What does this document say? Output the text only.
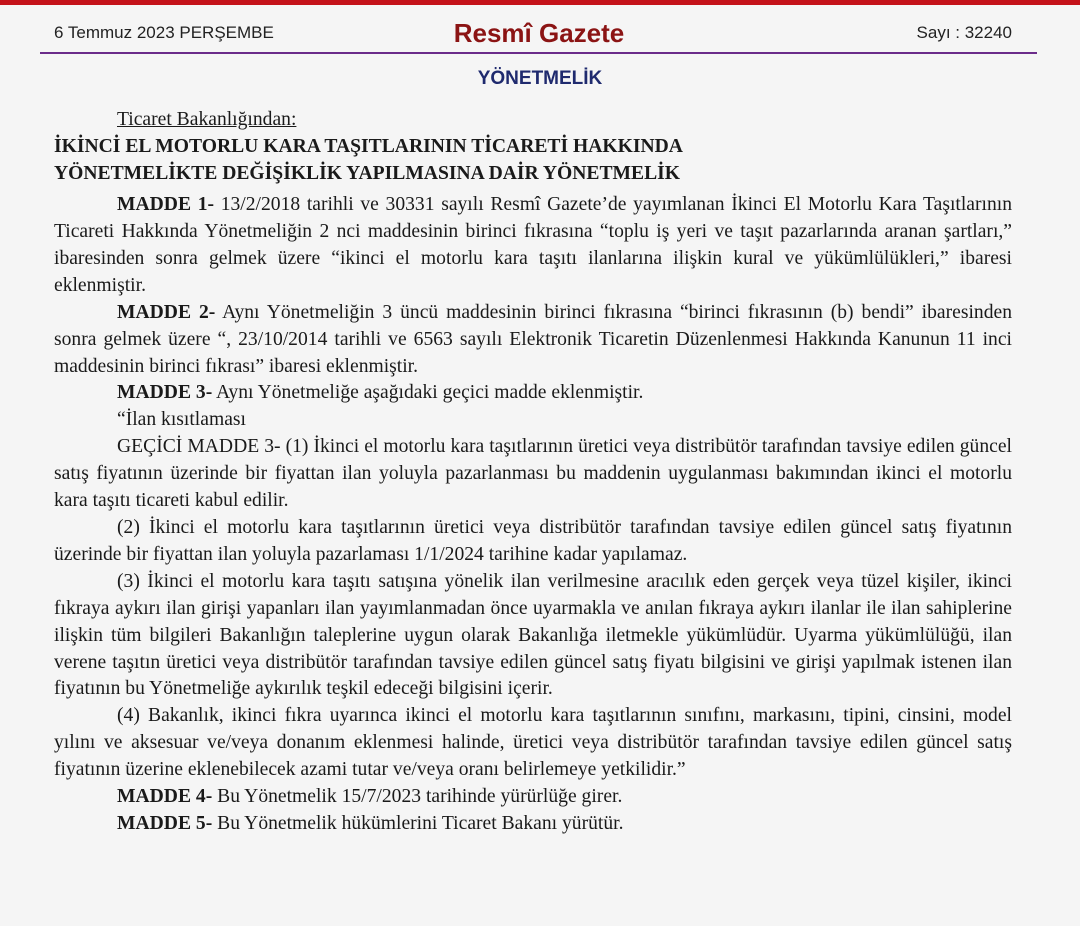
6 Temmuz 2023 PERŞEMBE	Resmî Gazete	Sayı : 32240
YÖNETMELİK

Ticaret Bakanlığından:

İKİNCİ EL MOTORLU KARA TAŞITLARININ TİCARETİ HAKKINDA

YÖNETMELİKTE DEĞİŞİKLİK YAPILMASINA DAİR YÖNETMELİK

MADDE 1- 13/2/2018 tarihli ve 30331 sayılı Resmî Gazete’de yayımlanan İkinci El Motorlu Kara Taşıtlarının Ticareti Hakkında Yönetmeliğin 2 nci maddesinin birinci fıkrasına “toplu iş yeri ve taşıt pazarlarında aranan şartları,” ibaresinden sonra gelmek üzere “ikinci el motorlu kara taşıtı ilanlarına ilişkin kural ve yükümlülükleri,” ibaresi eklenmiştir.

MADDE 2- Aynı Yönetmeliğin 3 üncü maddesinin birinci fıkrasına “birinci fıkrasının (b) bendi” ibaresinden sonra gelmek üzere “, 23/10/2014 tarihli ve 6563 sayılı Elektronik Ticaretin Düzenlenmesi Hakkında Kanunun 11 inci maddesinin birinci fıkrası” ibaresi eklenmiştir.

MADDE 3- Aynı Yönetmeliğe aşağıdaki geçici madde eklenmiştir.

“İlan kısıtlaması

GEÇİCİ MADDE 3- (1) İkinci el motorlu kara taşıtlarının üretici veya distribütör tarafından tavsiye edilen güncel satış fiyatının üzerinde bir fiyattan ilan yoluyla pazarlanması bu maddenin uygulanması bakımından ikinci el motorlu kara taşıtı ticareti kabul edilir.

(2) İkinci el motorlu kara taşıtlarının üretici veya distribütör tarafından tavsiye edilen güncel satış fiyatının üzerinde bir fiyattan ilan yoluyla pazarlaması 1/1/2024 tarihine kadar yapılamaz.

(3) İkinci el motorlu kara taşıtı satışına yönelik ilan verilmesine aracılık eden gerçek veya tüzel kişiler, ikinci fıkraya aykırı ilan girişi yapanları ilan yayımlanmadan önce uyarmakla ve anılan fıkraya aykırı ilanlar ile ilan sahiplerine ilişkin tüm bilgileri Bakanlığın taleplerine uygun olarak Bakanlığa iletmekle yükümlüdür. Uyarma yükümlülüğü, ilan verene taşıtın üretici veya distribütör tarafından tavsiye edilen güncel satış fiyatı bilgisini ve girişi yapılmak istenen ilan fiyatının bu Yönetmeliğe aykırılık teşkil edeceği bilgisini içerir.

(4) Bakanlık, ikinci fıkra uyarınca ikinci el motorlu kara taşıtlarının sınıfını, markasını, tipini, cinsini, model yılını ve aksesuar ve/veya donanım eklenmesi halinde, üretici veya distribütör tarafından tavsiye edilen güncel satış fiyatının üzerine eklenebilecek azami tutar ve/veya oranı belirlemeye yetkilidir.”

MADDE 4- Bu Yönetmelik 15/7/2023 tarihinde yürürlüğe girer.

MADDE 5- Bu Yönetmelik hükümlerini Ticaret Bakanı yürütür.
